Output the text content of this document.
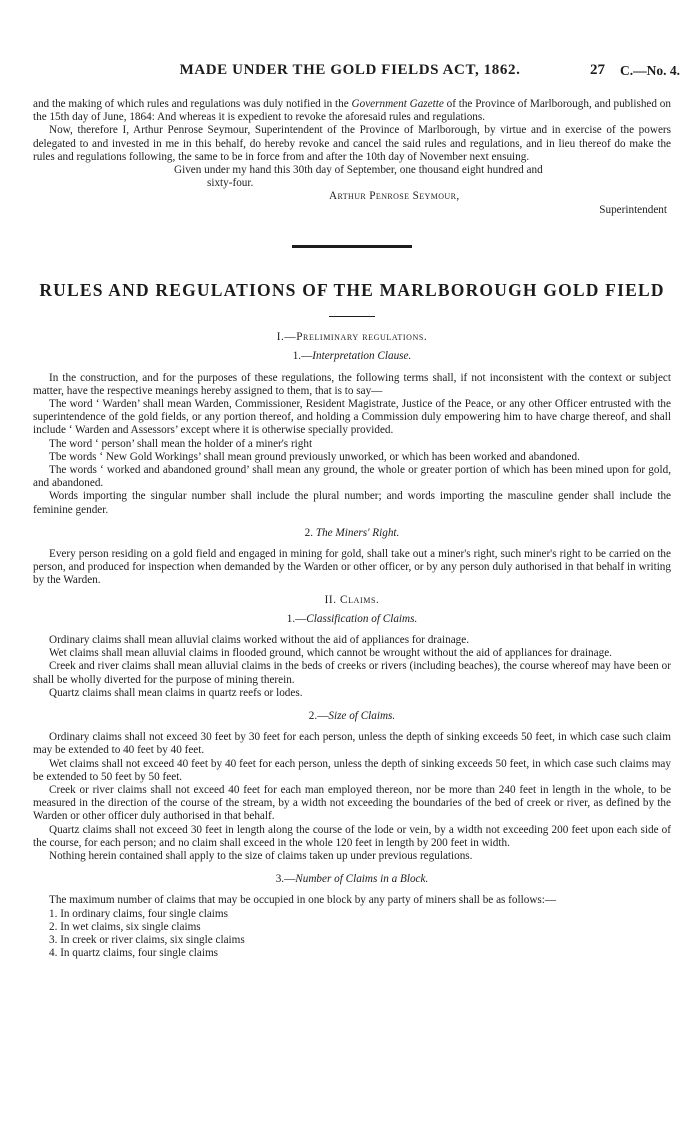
MADE UNDER THE GOLD FIELDS ACT, 1862.	27 C.—No. 4.

and the making of which rules and regulations was duly notified in the Government Gazette of the Province of Marlborough, and published on the 15th day of June, 1864: And whereas it is expedient to revoke the aforesaid rules and regulations.

Now, therefore I, Arthur Penrose Seymour, Superintendent of the Province of Marlborough, by virtue and in exercise of the powers delegated to and invested in me in this behalf, do hereby revoke and cancel the said rules and regulations, and in lieu thereof do make the rules and regulations following, the same to be in force from and after the 10th day of November next ensuing.

Given under my hand this 30th day of September, one thousand eight hundred and

sixty-four.

Arthur Penrose Seymour,

Superintendent

RULES AND REGULATIONS OF THE MARLBOROUGH GOLD FIELD
I.—Preliminary regulations.
1.—Interpretation Clause.

In the construction, and for the purposes of these regulations, the following terms shall, if not inconsistent with the context or subject matter, have the respective meanings hereby assigned to them, that is to say—

The word ‘ Warden’ shall mean Warden, Commissioner, Resident Magistrate, Justice of the Peace, or any other Officer entrusted with the superintendence of the gold fields, or any portion thereof, and holding a Commission duly empowering him to have charge thereof, and shall include ‘ Warden and Assessors’ except where it is otherwise specially provided.

The word ‘ person’ shall mean the holder of a miner's right

Tbe words ‘ New Gold Workings’ shall mean ground previously unworked, or which has been worked and abandoned.

The words ‘ worked and abandoned ground’ shall mean any ground, the whole or greater portion of which has been mined upon for gold, and abandoned.

Words importing the singular number shall include the plural number; and words importing the masculine gender shall include the feminine gender.

2. The Miners' Right.

Every person residing on a gold field and engaged in mining for gold, shall take out a miner's right, such miner's right to be carried on the person, and produced for inspection when demanded by the Warden or other officer, or by any person duly authorised in that behalf in writing by the Warden.

II. Claims.
1.—Classification of Claims.

Ordinary claims shall mean alluvial claims worked without the aid of appliances for drainage.

Wet claims shall mean alluvial claims in flooded ground, which cannot be wrought without the aid of appliances for drainage.

Creek and river claims shall mean alluvial claims in the beds of creeks or rivers (including beaches), the course whereof may have been or shall be wholly diverted for the purpose of mining therein.

Quartz claims shall mean claims in quartz reefs or lodes.

2.—Size of Claims.

Ordinary claims shall not exceed 30 feet by 30 feet for each person, unless the depth of sinking exceeds 50 feet, in which case such claim may be extended to 40 feet by 40 feet.

Wet claims shall not exceed 40 feet by 40 feet for each person, unless the depth of sinking exceeds 50 feet, in which case such claims may be extended to 50 feet by 50 feet.

Creek or river claims shall not exceed 40 feet for each man employed thereon, nor be more than 240 feet in length in the whole, to be measured in the direction of the course of the stream, by a width not exceeding the boundaries of the bed of creek or river, as defined by the Warden or other officer duly authorised in that behalf.

Quartz claims shall not exceed 30 feet in length along the course of the lode or vein, by a width not exceeding 200 feet upon each side of the course, for each person; and no claim shall exceed in the whole 120 feet in length by 200 feet in width.

Nothing herein contained shall apply to the size of claims taken up under previous regulations.

3.—Number of Claims in a Block.

The maximum number of claims that may be occupied in one block by any party of miners shall be as follows:—

1. In ordinary claims, four single claims

2. In wet claims, six single claims

3. In creek or river claims, six single claims

4. In quartz claims, four single claims
